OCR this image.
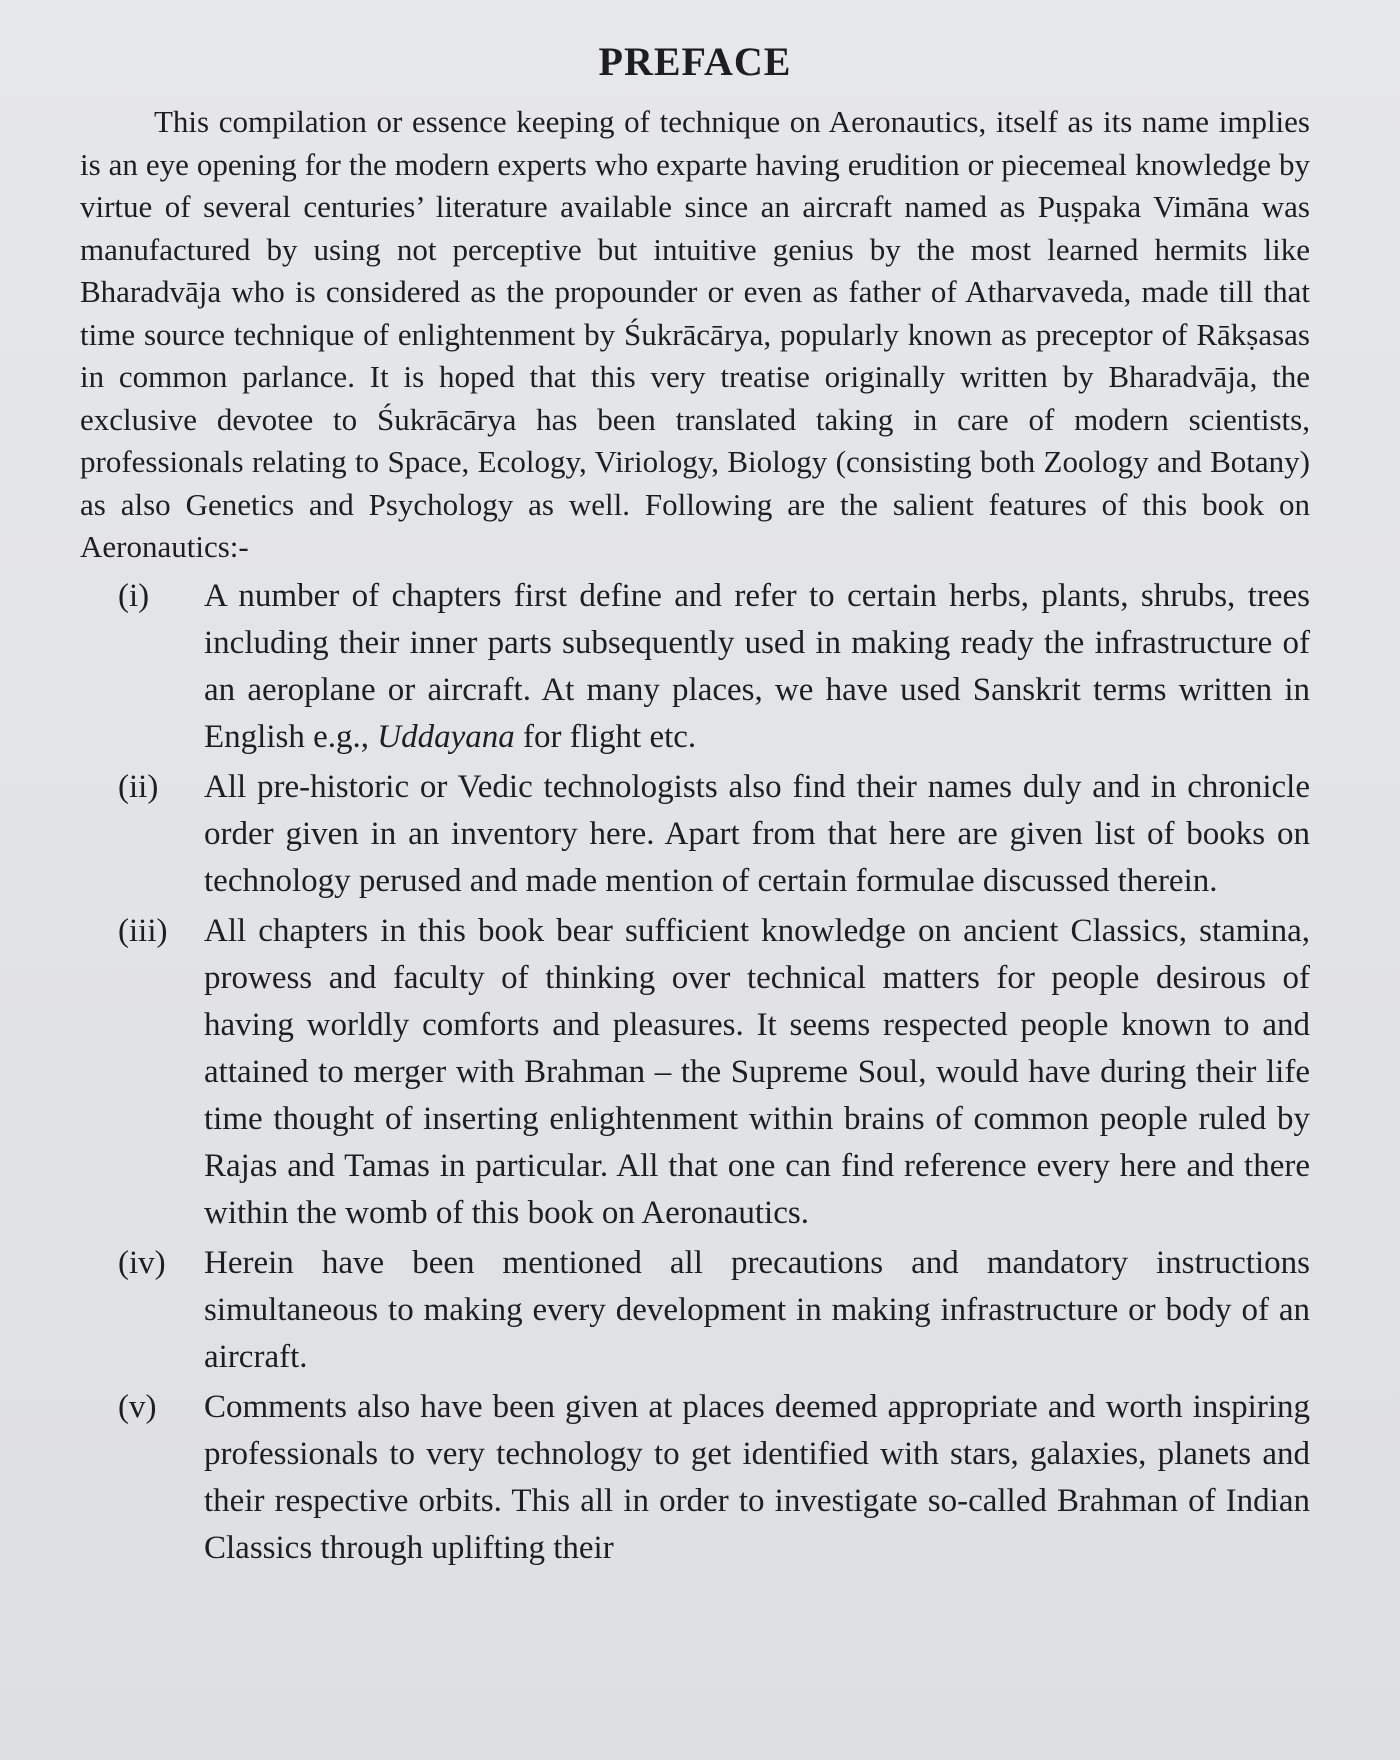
PREFACE

This compilation or essence keeping of technique on Aeronautics, itself as its name implies is an eye opening for the modern experts who exparte having erudition or piecemeal knowledge by virtue of several centuries’ literature available since an aircraft named as Puṣpaka Vimāna was manufactured by using not perceptive but intuitive genius by the most learned hermits like Bharadvāja who is considered as the propounder or even as father of Atharvaveda, made till that time source technique of enlightenment by Śukrācārya, popularly known as preceptor of Rākṣasas in common parlance. It is hoped that this very treatise originally written by Bharadvāja, the exclusive devotee to Śukrācārya has been translated taking in care of modern scientists, professionals relating to Space, Ecology, Viriology, Biology (consisting both Zoology and Botany) as also Genetics and Psychology as well. Following are the salient features of this book on Aeronautics:-

(i)	A number of chapters first define and refer to certain herbs, plants, shrubs, trees including their inner parts subsequently used in making ready the infrastructure of an aeroplane or aircraft. At many places, we have used Sanskrit terms written in English e.g., Uddayana for flight etc.
(ii)	All pre-historic or Vedic technologists also find their names duly and in chronicle order given in an inventory here. Apart from that here are given list of books on technology perused and made mention of certain formulae discussed therein.
(iii)	All chapters in this book bear sufficient knowledge on ancient Classics, stamina, prowess and faculty of thinking over technical matters for people desirous of having worldly comforts and pleasures. It seems respected people known to and attained to merger with Brahman – the Supreme Soul, would have during their life time thought of inserting enlightenment within brains of common people ruled by Rajas and Tamas in particular. All that one can find reference every here and there within the womb of this book on Aeronautics.
(iv)	Herein have been mentioned all precautions and mandatory instructions simultaneous to making every development in making infrastructure or body of an aircraft.
(v)	Comments also have been given at places deemed appropriate and worth inspiring professionals to very technology to get identified with stars, galaxies, planets and their respective orbits. This all in order to investigate so-called Brahman of Indian Classics through uplifting their
